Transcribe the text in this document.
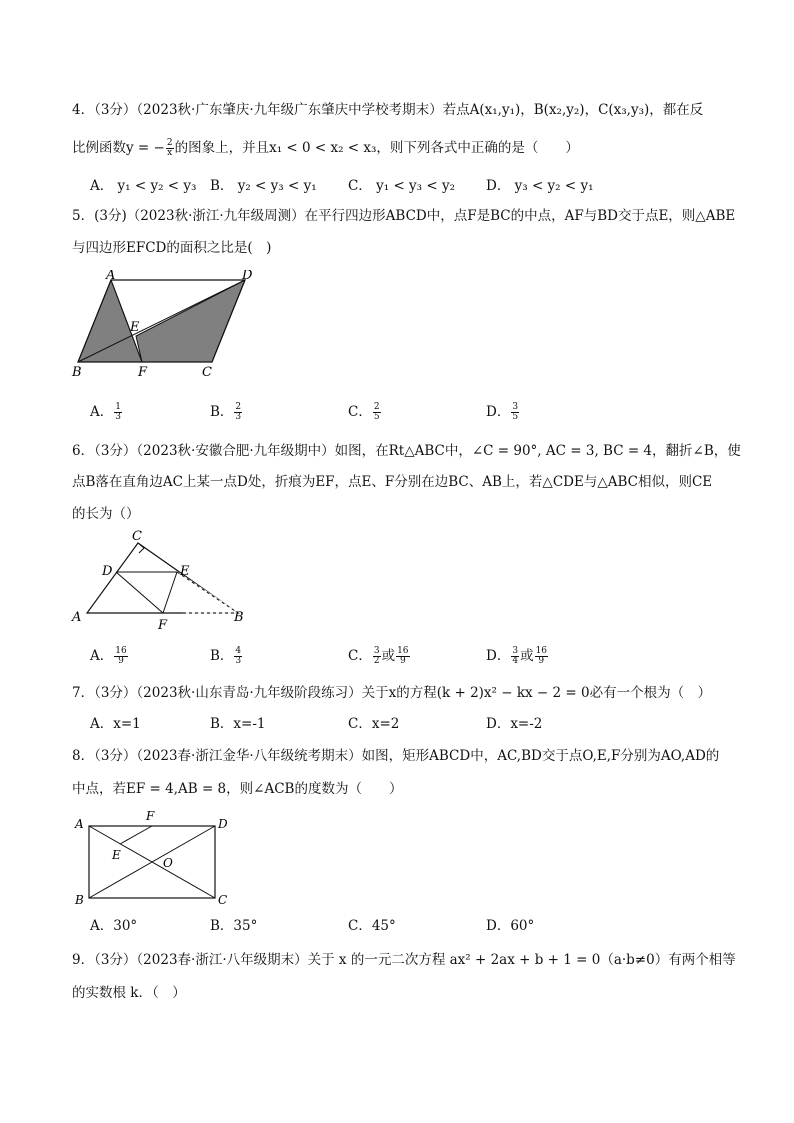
4．（3分）（2023秋·广东肇庆·九年级广东肇庆中学校考期末）若点A(x₁,y₁)，B(x₂,y₂)，C(x₃,y₃)，都在反
比例函数y = − $\frac{2}{x}$ 的图象上，并且x₁ < 0 < x₂ < x₃，则下列各式中正确的是（　　）
A． y₁ < y₂ < y₃ B． y₂ < y₃ < y₁ C． y₁ < y₃ < y₂ D． y₃ < y₂ < y₁
5．(3分)（2023秋·浙江·九年级周测）在平行四边形ABCD中，点F是BC的中点，AF与BD交于点E，则△ABE
与四边形EFCD的面积之比是(　)
A	D
E
B	F	C
A． $\frac{1}{3}$	B． $\frac{2}{3}$	C． $\frac{2}{5}$	D． $\frac{3}{5}$
6．（3分）（2023秋·安徽合肥·九年级期中）如图，在Rt△ABC中，∠C = 90°, AC = 3, BC = 4，翻折∠B，使
点B落在直角边AC上某一点D处，折痕为EF，点E、F分别在边BC、AB上，若△CDE与△ABC相似，则CE
的长为（）
C
D	E
A
F
B
A． $\frac{16}{9}$	B． $\frac{4}{3}$	C． $\frac{3}{2}$ 或 $\frac{16}{9}$	D． $\frac{3}{4}$ 或 $\frac{16}{9}$
7．（3分）（2023秋·山东青岛·九年级阶段练习）关于x的方程(k + 2)x² − kx − 2 = 0必有一个根为（　）
A．x=1	B．x=-1	C．x=2	D．x=-2
8．（3分）（2023春·浙江金华·八年级统考期末）如图，矩形ABCD中，AC,BD交于点O,E,F分别为AO,AD的
中点，若EF = 4,AB = 8，则∠ACB的度数为（　　）
A
F
D
E
O
B	C
A．30°	B．35°	C．45°	D．60°
9．（3分）（2023春·浙江·八年级期末）关于 x 的一元二次方程 ax² + 2ax + b + 1 = 0（a·b≠0）有两个相等
的实数根 k．（　）
